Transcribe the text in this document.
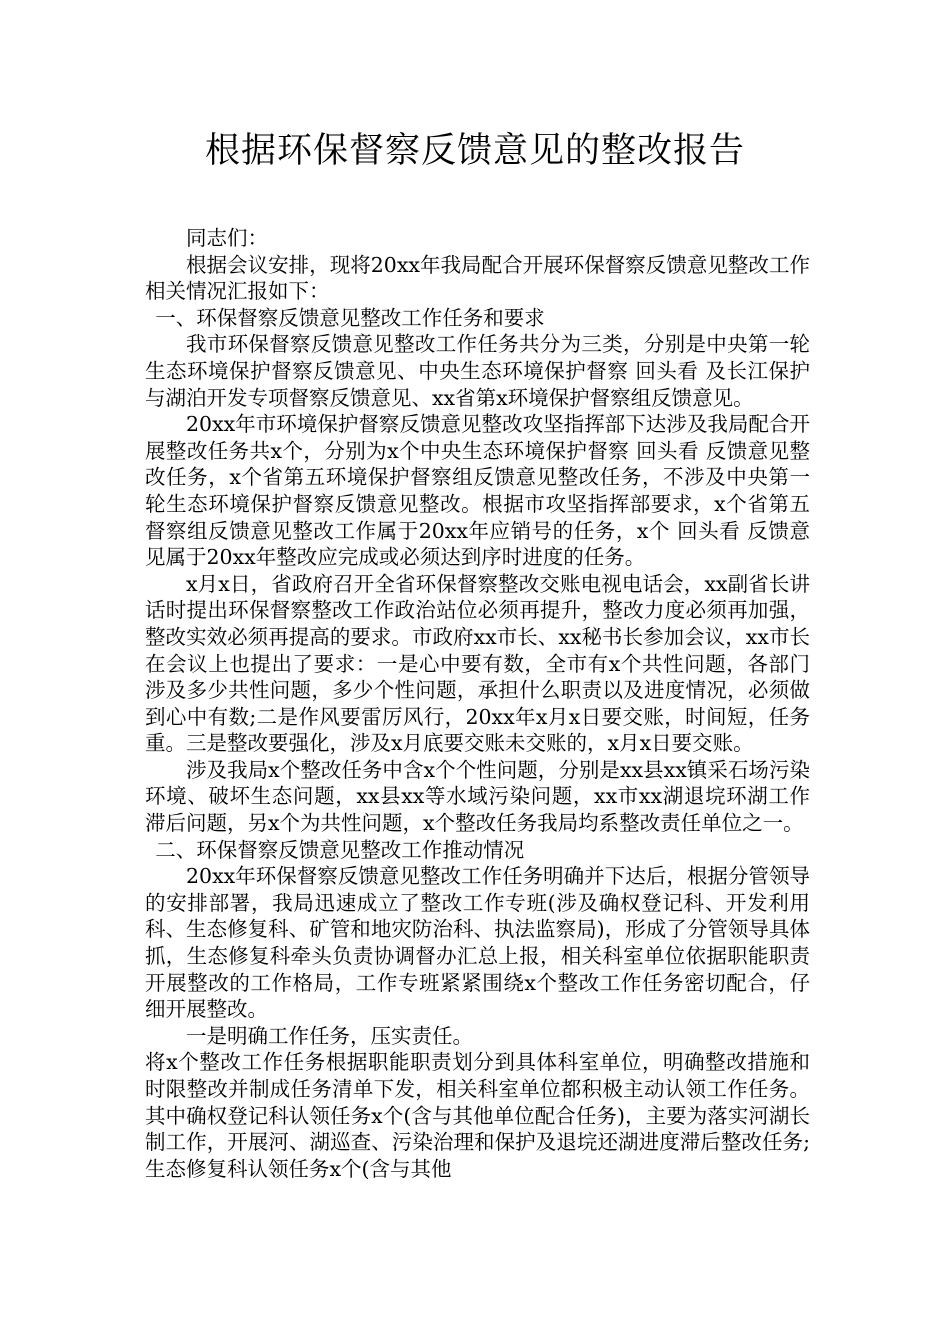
根据环保督察反馈意见的整改报告

同志们：

根据会议安排，现将20xx年我局配合开展环保督察反馈意见整改工作相关情况汇报如下：

一、环保督察反馈意见整改工作任务和要求

我市环保督察反馈意见整改工作任务共分为三类，分别是中央第一轮生态环境保护督察反馈意见、中央生态环境保护督察 回头看 及长江保护与湖泊开发专项督察反馈意见、xx省第x环境保护督察组反馈意见。

20xx年市环境保护督察反馈意见整改攻坚指挥部下达涉及我局配合开展整改任务共x个，分别为x个中央生态环境保护督察 回头看 反馈意见整改任务，x个省第五环境保护督察组反馈意见整改任务，不涉及中央第一轮生态环境保护督察反馈意见整改。根据市攻坚指挥部要求，x个省第五督察组反馈意见整改工作属于20xx年应销号的任务，x个 回头看 反馈意见属于20xx年整改应完成或必须达到序时进度的任务。

x月x日，省政府召开全省环保督察整改交账电视电话会，xx副省长讲话时提出环保督察整改工作政治站位必须再提升，整改力度必须再加强，整改实效必须再提高的要求。市政府xx市长、xx秘书长参加会议，xx市长在会议上也提出了要求：一是心中要有数，全市有x个共性问题，各部门涉及多少共性问题，多少个性问题，承担什么职责以及进度情况，必须做到心中有数;二是作风要雷厉风行，20xx年x月x日要交账，时间短，任务重。三是整改要强化，涉及x月底要交账未交账的，x月x日要交账。

涉及我局x个整改任务中含x个个性问题，分别是xx县xx镇采石场污染环境、破坏生态问题，xx县xx等水域污染问题，xx市xx湖退垸环湖工作滞后问题，另x个为共性问题，x个整改任务我局均系整改责任单位之一。

二、环保督察反馈意见整改工作推动情况

20xx年环保督察反馈意见整改工作任务明确并下达后，根据分管领导的安排部署，我局迅速成立了整改工作专班(涉及确权登记科、开发利用科、生态修复科、矿管和地灾防治科、执法监察局)，形成了分管领导具体抓，生态修复科牵头负责协调督办汇总上报，相关科室单位依据职能职责开展整改的工作格局，工作专班紧紧围绕x个整改工作任务密切配合，仔细开展整改。

一是明确工作任务，压实责任。

将x个整改工作任务根据职能职责划分到具体科室单位，明确整改措施和时限整改并制成任务清单下发，相关科室单位都积极主动认领工作任务。其中确权登记科认领任务x个(含与其他单位配合任务)，主要为落实河湖长制工作，开展河、湖巡查、污染治理和保护及退垸还湖进度滞后整改任务;生态修复科认领任务x个(含与其他
